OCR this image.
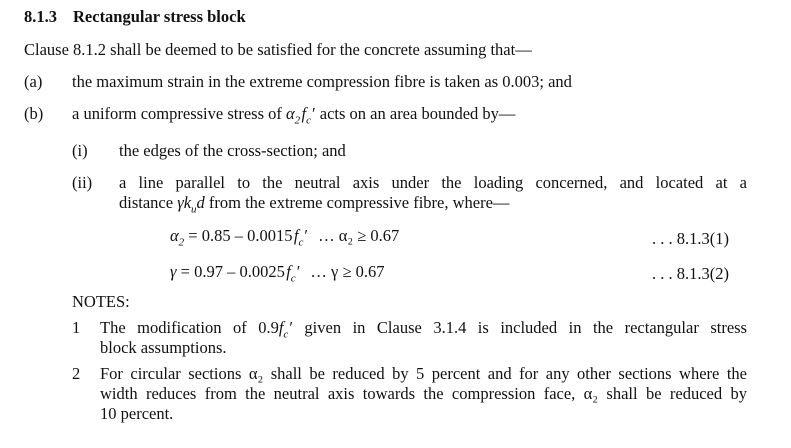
8.1.3 Rectangular stress block
Clause 8.1.2 shall be deemed to be satisfied for the concrete assuming that—
(a) the maximum strain in the extreme compression fibre is taken as 0.003; and
(b) a uniform compressive stress of $\alpha_2$ $f_c'$ acts on an area bounded by—
(i) the edges of the cross-section; and
(ii) a line parallel to the neutral axis under the loading concerned, and located at a
distance $\gamma k_ud$ from the extreme compressive fibre, where—
$\alpha_2 = 0.85 - 0.0015$ $f_c'$ … α₂ ≥ 0.67	. . . 8.1.3(1)
γ = 0.97 – 0.0025 $f_c'$ … γ ≥ 0.67	. . . 8.1.3(2)
NOTES:
1 The modification of $0.9f_c'$ given in Clause 3.1.4 is included in the rectangular stress
block assumptions.
2 For circular sections α₂ shall be reduced by 5 percent and for any other sections where the
width reduces from the neutral axis towards the compression face, α₂ shall be reduced by
10 percent.
